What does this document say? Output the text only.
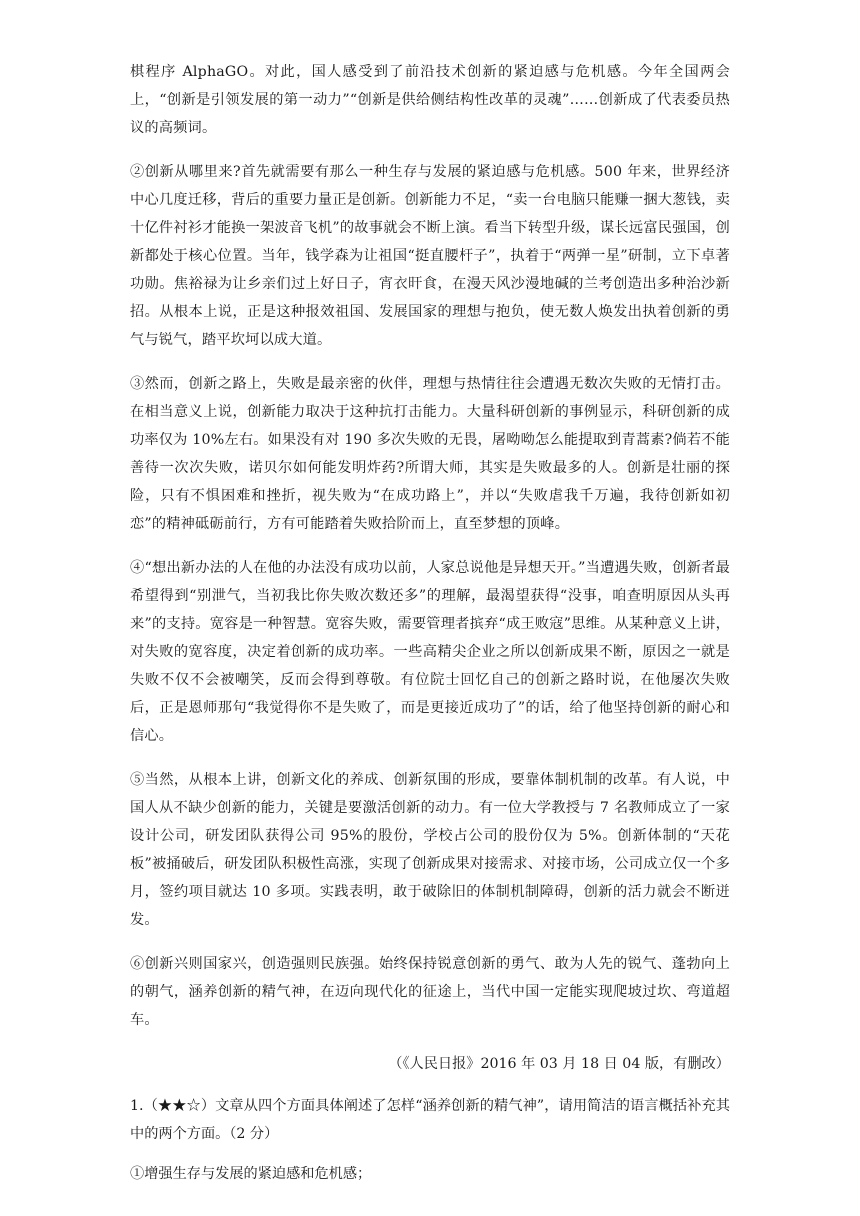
棋程序 AlphaGO。对此，国人感受到了前沿技术创新的紧迫感与危机感。今年全国两会上，“创新是引领发展的第一动力”“创新是供给侧结构性改革的灵魂”……创新成了代表委员热议的高频词。

②创新从哪里来?首先就需要有那么一种生存与发展的紧迫感与危机感。500 年来，世界经济中心几度迁移，背后的重要力量正是创新。创新能力不足，“卖一台电脑只能赚一捆大葱钱，卖十亿件衬衫才能换一架波音飞机”的故事就会不断上演。看当下转型升级，谋长远富民强国，创新都处于核心位置。当年，钱学森为让祖国“挺直腰杆子”，执着于“两弹一星”研制，立下卓著功勋。焦裕禄为让乡亲们过上好日子，宵衣旰食，在漫天风沙漫地碱的兰考创造出多种治沙新招。从根本上说，正是这种报效祖国、发展国家的理想与抱负，使无数人焕发出执着创新的勇气与锐气，踏平坎坷以成大道。

③然而，创新之路上，失败是最亲密的伙伴，理想与热情往往会遭遇无数次失败的无情打击。在相当意义上说，创新能力取决于这种抗打击能力。大量科研创新的事例显示，科研创新的成功率仅为 10%左右。如果没有对 190 多次失败的无畏，屠呦呦怎么能提取到青蒿素?倘若不能善待一次次失败，诺贝尔如何能发明炸药?所谓大师，其实是失败最多的人。创新是壮丽的探险，只有不惧困难和挫折，视失败为“在成功路上”，并以“失败虐我千万遍，我待创新如初恋”的精神砥砺前行，方有可能踏着失败拾阶而上，直至梦想的顶峰。

④“想出新办法的人在他的办法没有成功以前，人家总说他是异想天开。”当遭遇失败，创新者最希望得到“别泄气，当初我比你失败次数还多”的理解，最渴望获得“没事，咱查明原因从头再来”的支持。宽容是一种智慧。宽容失败，需要管理者摈弃“成王败寇”思维。从某种意义上讲，对失败的宽容度，决定着创新的成功率。一些高精尖企业之所以创新成果不断，原因之一就是失败不仅不会被嘲笑，反而会得到尊敬。有位院士回忆自己的创新之路时说，在他屡次失败后，正是恩师那句“我觉得你不是失败了，而是更接近成功了”的话，给了他坚持创新的耐心和信心。

⑤当然，从根本上讲，创新文化的养成、创新氛围的形成，要靠体制机制的改革。有人说，中国人从不缺少创新的能力，关键是要激活创新的动力。有一位大学教授与 7 名教师成立了一家设计公司，研发团队获得公司 95%的股份，学校占公司的股份仅为 5%。创新体制的“天花板”被捅破后，研发团队积极性高涨，实现了创新成果对接需求、对接市场，公司成立仅一个多月，签约项目就达 10 多项。实践表明，敢于破除旧的体制机制障碍，创新的活力就会不断迸发。

⑥创新兴则国家兴，创造强则民族强。始终保持锐意创新的勇气、敢为人先的锐气、蓬勃向上的朝气，涵养创新的精气神，在迈向现代化的征途上，当代中国一定能实现爬坡过坎、弯道超车。

（《人民日报》2016 年 03 月 18 日 04 版，有删改）

1.（★★☆）文章从四个方面具体阐述了怎样“涵养创新的精气神”，请用简洁的语言概括补充其中的两个方面。（2 分）

①增强生存与发展的紧迫感和危机感；
